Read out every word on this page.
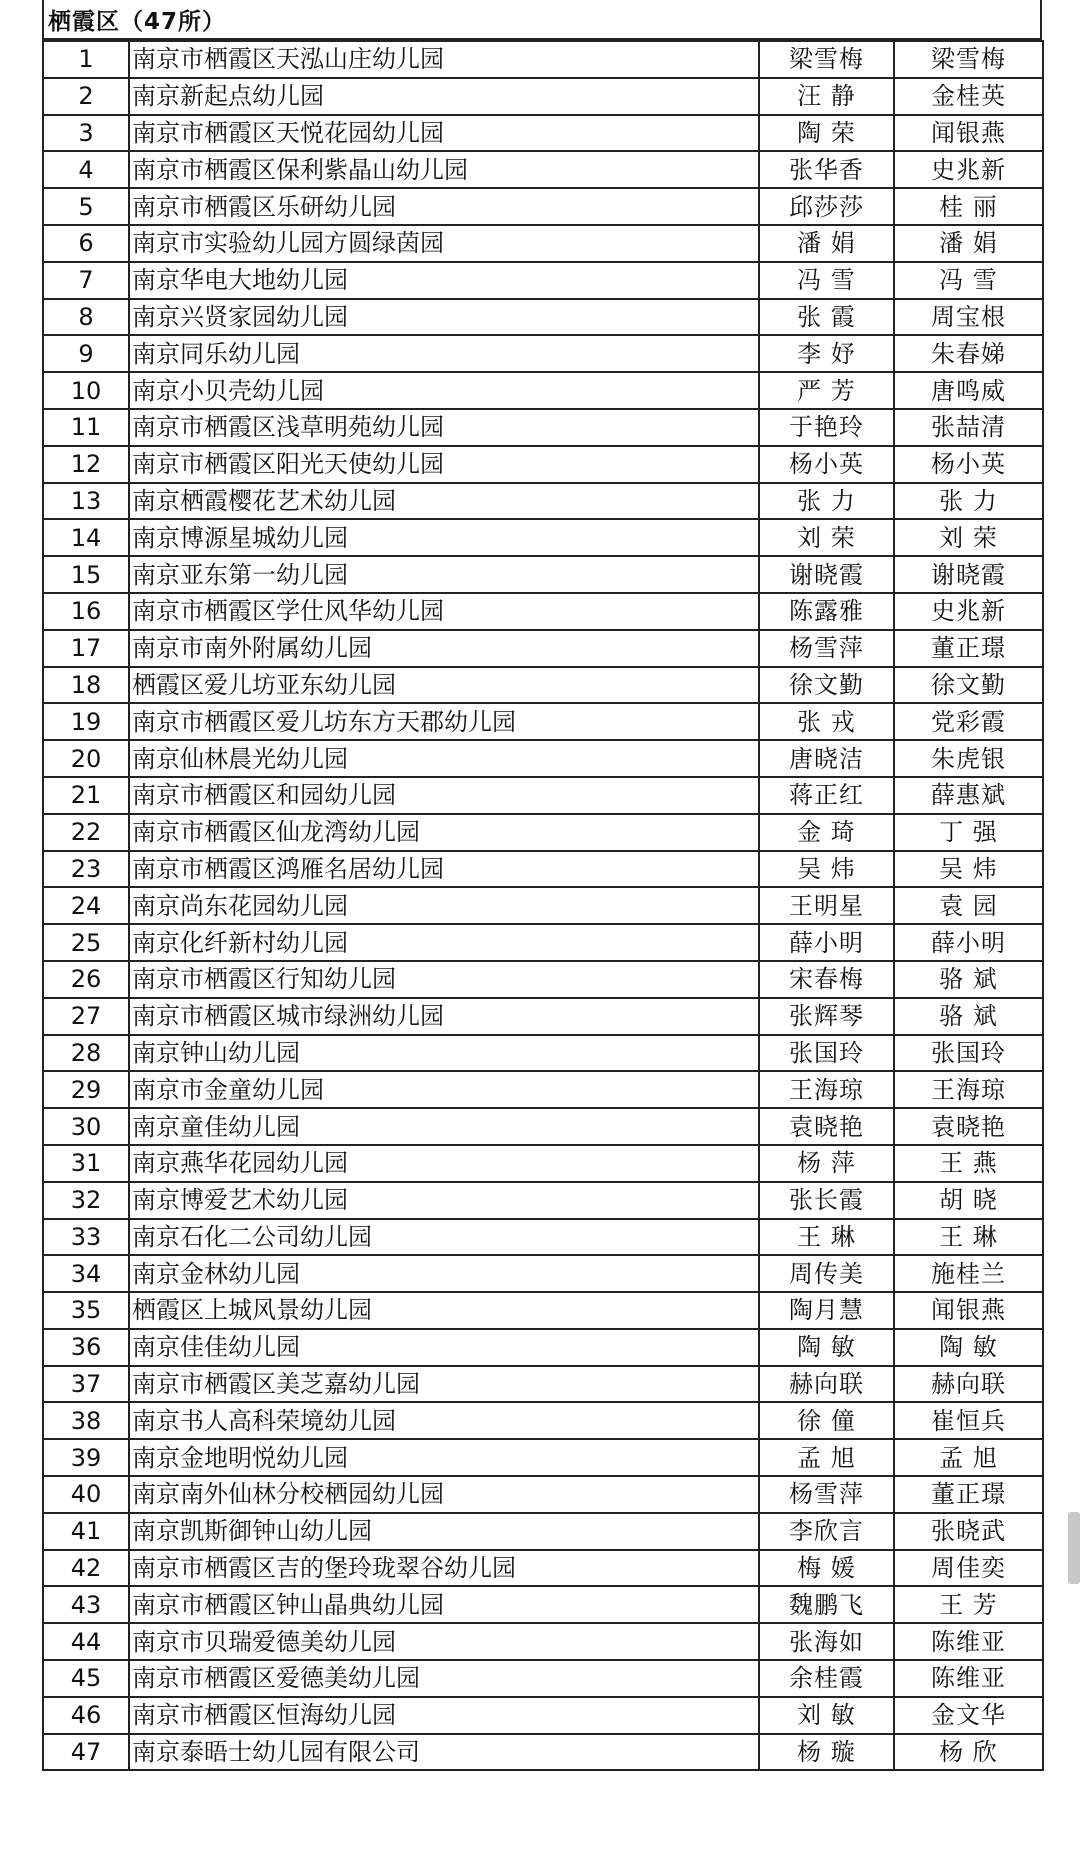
栖霞区（47所）
1	南京市栖霞区天泓山庄幼儿园	梁雪梅	梁雪梅
2	南京新起点幼儿园	汪 静	金桂英
3	南京市栖霞区天悦花园幼儿园	陶 荣	闻银燕
4	南京市栖霞区保利紫晶山幼儿园	张华香	史兆新
5	南京市栖霞区乐研幼儿园	邱莎莎	桂 丽
6	南京市实验幼儿园方圆绿茵园	潘 娟	潘 娟
7	南京华电大地幼儿园	冯 雪	冯 雪
8	南京兴贤家园幼儿园	张 霞	周宝根
9	南京同乐幼儿园	李 妤	朱春娣
10	南京小贝壳幼儿园	严 芳	唐鸣威
11	南京市栖霞区浅草明苑幼儿园	于艳玲	张喆清
12	南京市栖霞区阳光天使幼儿园	杨小英	杨小英
13	南京栖霞樱花艺术幼儿园	张 力	张 力
14	南京博源星城幼儿园	刘 荣	刘 荣
15	南京亚东第一幼儿园	谢晓霞	谢晓霞
16	南京市栖霞区学仕风华幼儿园	陈露雅	史兆新
17	南京市南外附属幼儿园	杨雪萍	董正璟
18	栖霞区爱儿坊亚东幼儿园	徐文勤	徐文勤
19	南京市栖霞区爱儿坊东方天郡幼儿园	张 戎	党彩霞
20	南京仙林晨光幼儿园	唐晓洁	朱虎银
21	南京市栖霞区和园幼儿园	蒋正红	薛惠斌
22	南京市栖霞区仙龙湾幼儿园	金 琦	丁 强
23	南京市栖霞区鸿雁名居幼儿园	吴 炜	吴 炜
24	南京尚东花园幼儿园	王明星	袁 园
25	南京化纤新村幼儿园	薛小明	薛小明
26	南京市栖霞区行知幼儿园	宋春梅	骆 斌
27	南京市栖霞区城市绿洲幼儿园	张辉琴	骆 斌
28	南京钟山幼儿园	张国玲	张国玲
29	南京市金童幼儿园	王海琼	王海琼
30	南京童佳幼儿园	袁晓艳	袁晓艳
31	南京燕华花园幼儿园	杨 萍	王 燕
32	南京博爱艺术幼儿园	张长霞	胡 晓
33	南京石化二公司幼儿园	王 琳	王 琳
34	南京金林幼儿园	周传美	施桂兰
35	栖霞区上城风景幼儿园	陶月慧	闻银燕
36	南京佳佳幼儿园	陶 敏	陶 敏
37	南京市栖霞区美芝嘉幼儿园	赫向联	赫向联
38	南京书人高科荣境幼儿园	徐 僮	崔恒兵
39	南京金地明悦幼儿园	孟 旭	孟 旭
40	南京南外仙林分校栖园幼儿园	杨雪萍	董正璟
41	南京凯斯御钟山幼儿园	李欣言	张晓武
42	南京市栖霞区吉的堡玲珑翠谷幼儿园	梅 媛	周佳奕
43	南京市栖霞区钟山晶典幼儿园	魏鹏飞	王 芳
44	南京市贝瑞爱德美幼儿园	张海如	陈维亚
45	南京市栖霞区爱德美幼儿园	余桂霞	陈维亚
46	南京市栖霞区恒海幼儿园	刘 敏	金文华
47	南京泰晤士幼儿园有限公司	杨 璇	杨 欣
